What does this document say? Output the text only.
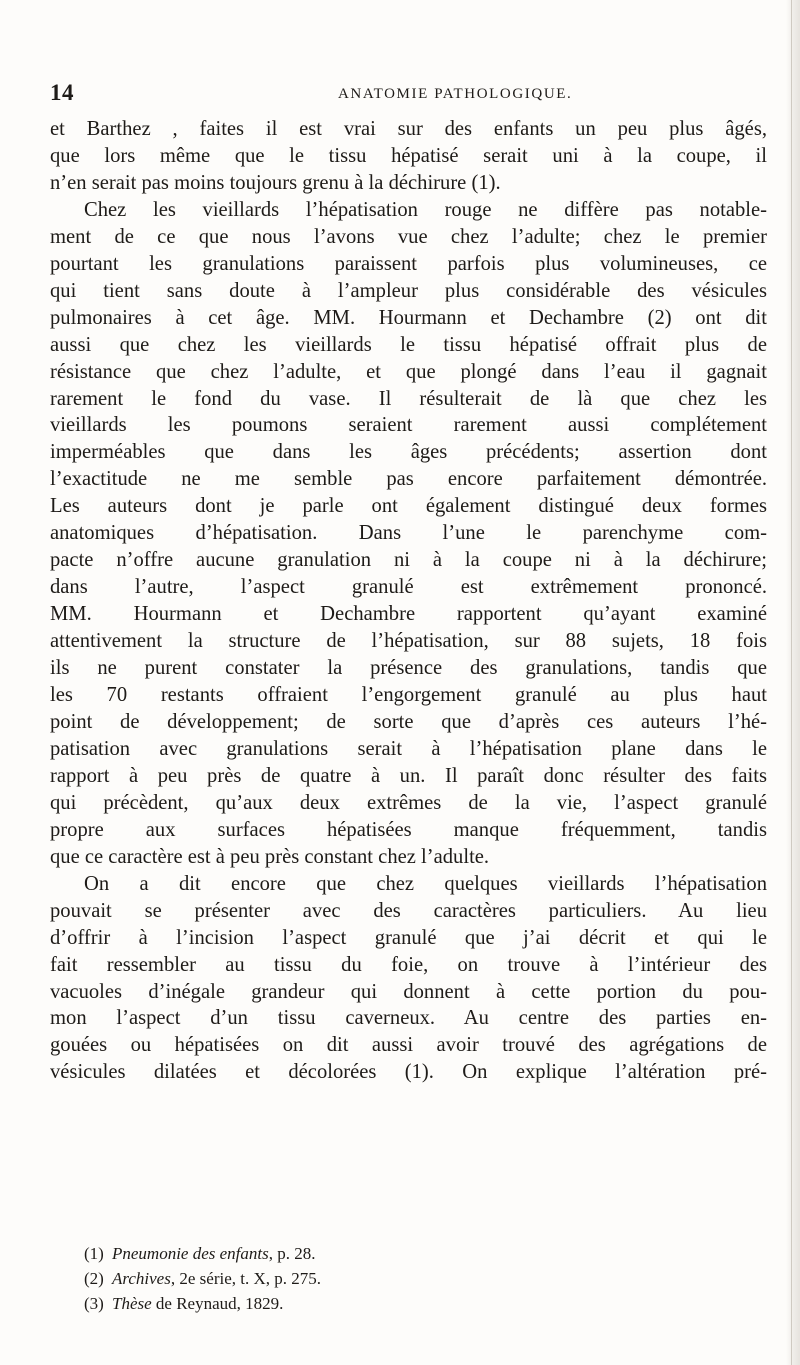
14	ANATOMIE PATHOLOGIQUE.
et Barthez , faites il est vrai sur des enfants un peu plus âgés,
que lors même que le tissu hépatisé serait uni à la coupe, il
n’en serait pas moins toujours grenu à la déchirure (1).
Chez les vieillards l’hépatisation rouge ne diffère pas notable-
ment de ce que nous l’avons vue chez l’adulte; chez le premier
pourtant les granulations paraissent parfois plus volumineuses, ce
qui tient sans doute à l’ampleur plus considérable des vésicules
pulmonaires à cet âge. MM. Hourmann et Dechambre (2) ont dit
aussi que chez les vieillards le tissu hépatisé offrait plus de
résistance que chez l’adulte, et que plongé dans l’eau il gagnait
rarement le fond du vase. Il résulterait de là que chez les
vieillards les poumons seraient rarement aussi complétement
imperméables que dans les âges précédents; assertion dont
l’exactitude ne me semble pas encore parfaitement démontrée.
Les auteurs dont je parle ont également distingué deux formes
anatomiques d’hépatisation. Dans l’une le parenchyme com-
pacte n’offre aucune granulation ni à la coupe ni à la déchirure;
dans l’autre, l’aspect granulé est extrêmement prononcé.
MM. Hourmann et Dechambre rapportent qu’ayant examiné
attentivement la structure de l’hépatisation, sur 88 sujets, 18 fois
ils ne purent constater la présence des granulations, tandis que
les 70 restants offraient l’engorgement granulé au plus haut
point de développement; de sorte que d’après ces auteurs l’hé-
patisation avec granulations serait à l’hépatisation plane dans le
rapport à peu près de quatre à un. Il paraît donc résulter des faits
qui précèdent, qu’aux deux extrêmes de la vie, l’aspect granulé
propre aux surfaces hépatisées manque fréquemment, tandis
que ce caractère est à peu près constant chez l’adulte.
On a dit encore que chez quelques vieillards l’hépatisation
pouvait se présenter avec des caractères particuliers. Au lieu
d’offrir à l’incision l’aspect granulé que j’ai décrit et qui le
fait ressembler au tissu du foie, on trouve à l’intérieur des
vacuoles d’inégale grandeur qui donnent à cette portion du pou-
mon l’aspect d’un tissu caverneux. Au centre des parties en-
gouées ou hépatisées on dit aussi avoir trouvé des agrégations de
vésicules dilatées et décolorées (1). On explique l’altération pré-
(1) Pneumonie des enfants, p. 28.
(2) Archives, 2e série, t. X, p. 275.
(3) Thèse de Reynaud, 1829.
